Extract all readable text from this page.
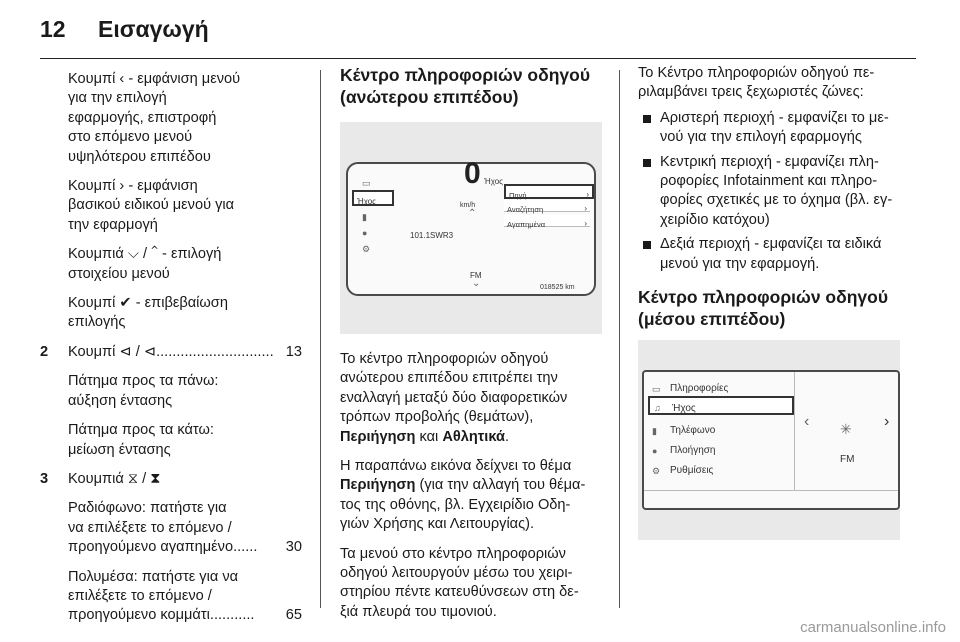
12 Εισαγωγή
Κουμπί ‹ - εμφάνιση μενού
για την επιλογή
εφαρμογής, επιστροφή
στο επόμενο μενού
υψηλότερου επιπέδου
Κουμπί › - εμφάνιση
βασικού ειδικού μενού για
την εφαρμογή
Κουμπιά ⌵ / ⌃ - επιλογή
στοιχείου μενού
Κουμπί ✔ - επιβεβαίωση
επιλογής
2 Κουμπί ⊲ / ⊲ ............................. 13
Πάτημα προς τα πάνω:
αύξηση έντασης
Πάτημα προς τα κάτω:
μείωση έντασης
3 Κουμπιά ⧖ / ⧗
Ραδιόφωνο: πατήστε για
να επιλέξετε το επόμενο /
προηγούμενο αγαπημένο ......	30
Πολυμέσα: πατήστε για να
επιλέξετε το επόμενο /
προηγούμενο κομμάτι ...........	65
Κέντρο πληροφοριών οδηγού
(ανώτερου επιπέδου)
0
km/h
▭
Ήχος
▮
●
⚙
⌃
101.1SWR3
FM
⌄
Ήχος
Πηγή	›
Αναζήτηση	›
Αγαπημένα	›
018525 km
Το κέντρο πληροφοριών οδηγού
ανώτερου επιπέδου επιτρέπει την
εναλλαγή μεταξύ δύο διαφορετικών
τρόπων προβολής (θεμάτων),
Περιήγηση και Αθλητικά.
Η παραπάνω εικόνα δείχνει το θέμα
Περιήγηση (για την αλλαγή του θέμα-
τος της οθόνης, βλ. Εγχειρίδιο Οδη-
γιών Χρήσης και Λειτουργίας).
Τα μενού στο κέντρο πληροφοριών
οδηγού λειτουργούν μέσω του χειρι-
στηρίου πέντε κατευθύνσεων στη δε-
ξιά πλευρά του τιμονιού.
Το Κέντρο πληροφοριών οδηγού πε-
ριλαμβάνει τρεις ξεχωριστές ζώνες:
Αριστερή περιοχή - εμφανίζει το με-
νού για την επιλογή εφαρμογής
Κεντρική περιοχή - εμφανίζει πλη-
ροφορίες Infotainment και πληρο-
φορίες σχετικές με το όχημα (βλ. εγ-
χειρίδιο κατόχου)
Δεξιά περιοχή - εμφανίζει τα ειδικά
μενού για την εφαρμογή.
Κέντρο πληροφοριών οδηγού
(μέσου επιπέδου)
▭ Πληροφορίες
♫ Ήχος
▮ Τηλέφωνο
● Πλοήγηση
⚙ Ρυθμίσεις
‹	›
✳
FM
carmanualsonline.info
